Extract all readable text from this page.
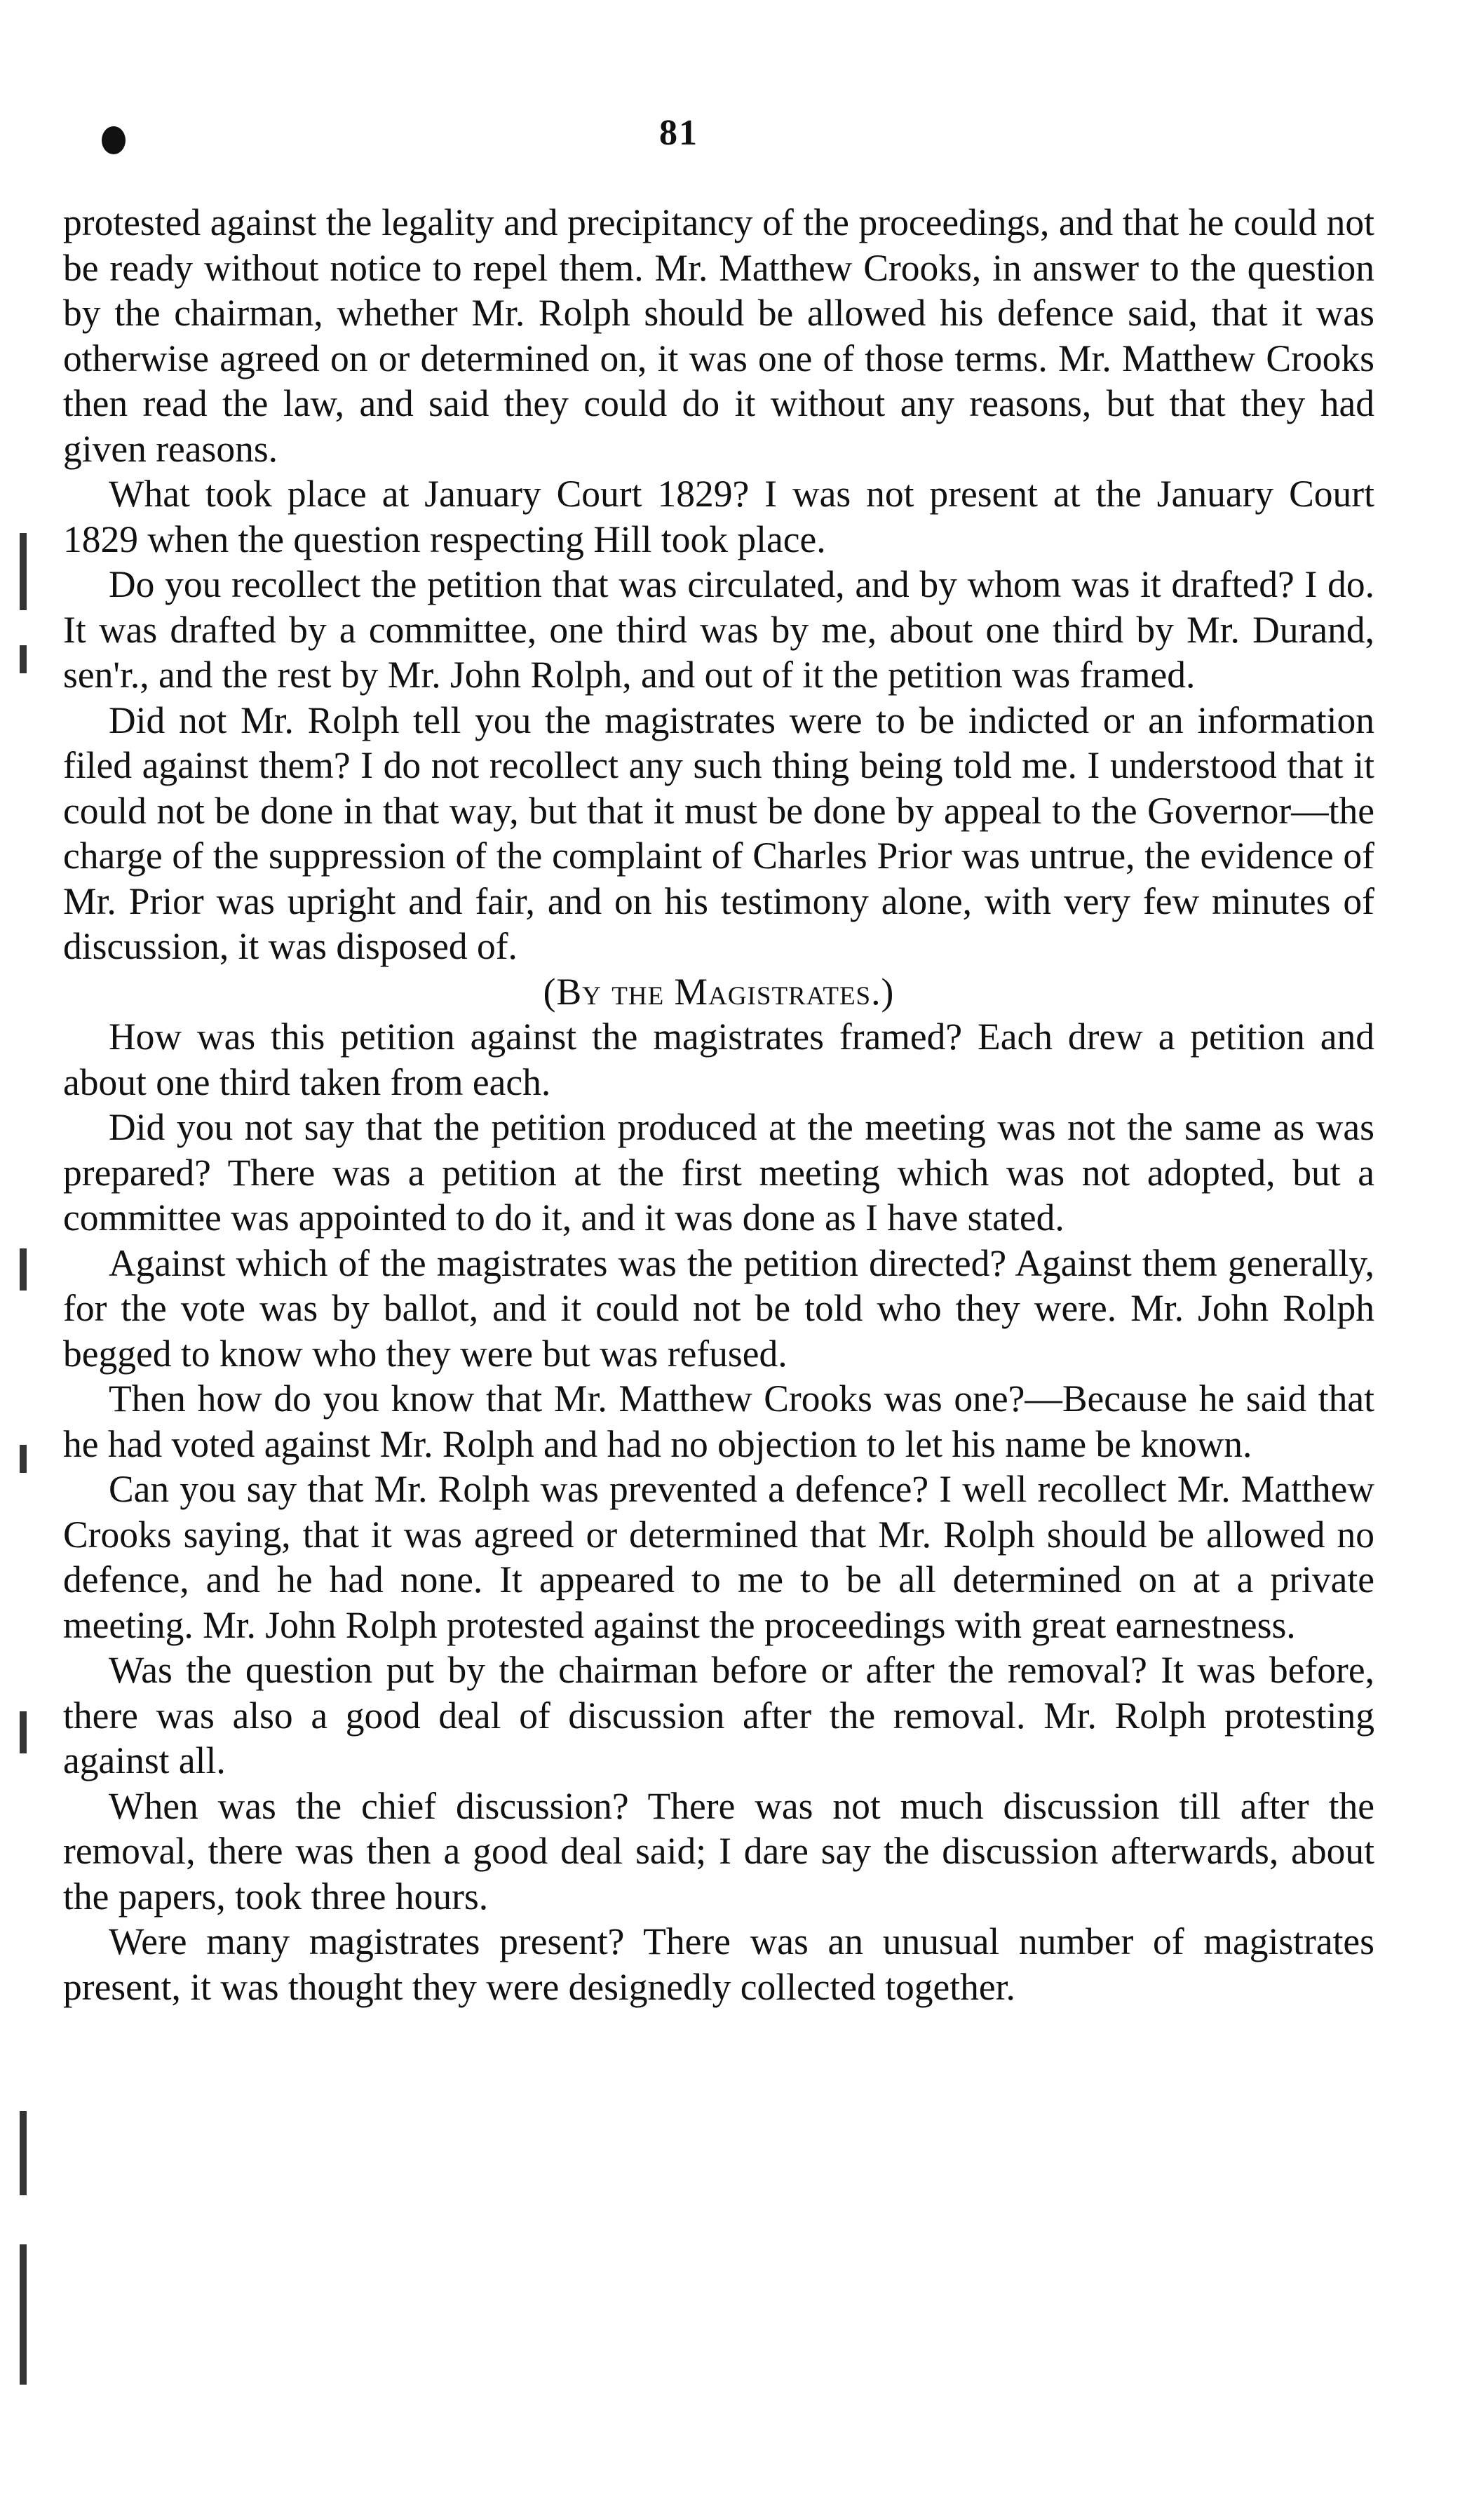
81

protested against the legality and precipitancy of the proceedings, and that he could not be ready without notice to repel them. Mr. Matthew Crooks, in answer to the question by the chairman, whether Mr. Rolph should be allowed his defence said, that it was otherwise agreed on or determined on, it was one of those terms. Mr. Matthew Crooks then read the law, and said they could do it without any reasons, but that they had given reasons.

What took place at January Court 1829? I was not present at the January Court 1829 when the question respecting Hill took place.

Do you recollect the petition that was circulated, and by whom was it drafted? I do. It was drafted by a committee, one third was by me, about one third by Mr. Durand, sen'r., and the rest by Mr. John Rolph, and out of it the petition was framed.

Did not Mr. Rolph tell you the magistrates were to be indicted or an information filed against them? I do not recollect any such thing being told me. I understood that it could not be done in that way, but that it must be done by appeal to the Governor—the charge of the suppression of the complaint of Charles Prior was untrue, the evidence of Mr. Prior was upright and fair, and on his testimony alone, with very few minutes of discussion, it was disposed of.

(By the Magistrates.)

How was this petition against the magistrates framed? Each drew a petition and about one third taken from each.

Did you not say that the petition produced at the meeting was not the same as was prepared? There was a petition at the first meeting which was not adopted, but a committee was appointed to do it, and it was done as I have stated.

Against which of the magistrates was the petition directed? Against them generally, for the vote was by ballot, and it could not be told who they were. Mr. John Rolph begged to know who they were but was refused.

Then how do you know that Mr. Matthew Crooks was one?—Because he said that he had voted against Mr. Rolph and had no objection to let his name be known.

Can you say that Mr. Rolph was prevented a defence? I well recollect Mr. Matthew Crooks saying, that it was agreed or determined that Mr. Rolph should be allowed no defence, and he had none. It appeared to me to be all determined on at a private meeting. Mr. John Rolph protested against the proceedings with great earnestness.

Was the question put by the chairman before or after the removal? It was before, there was also a good deal of discussion after the removal. Mr. Rolph protesting against all.

When was the chief discussion? There was not much discussion till after the removal, there was then a good deal said; I dare say the discussion afterwards, about the papers, took three hours.

Were many magistrates present? There was an unusual number of magistrates present, it was thought they were designedly collected together.
